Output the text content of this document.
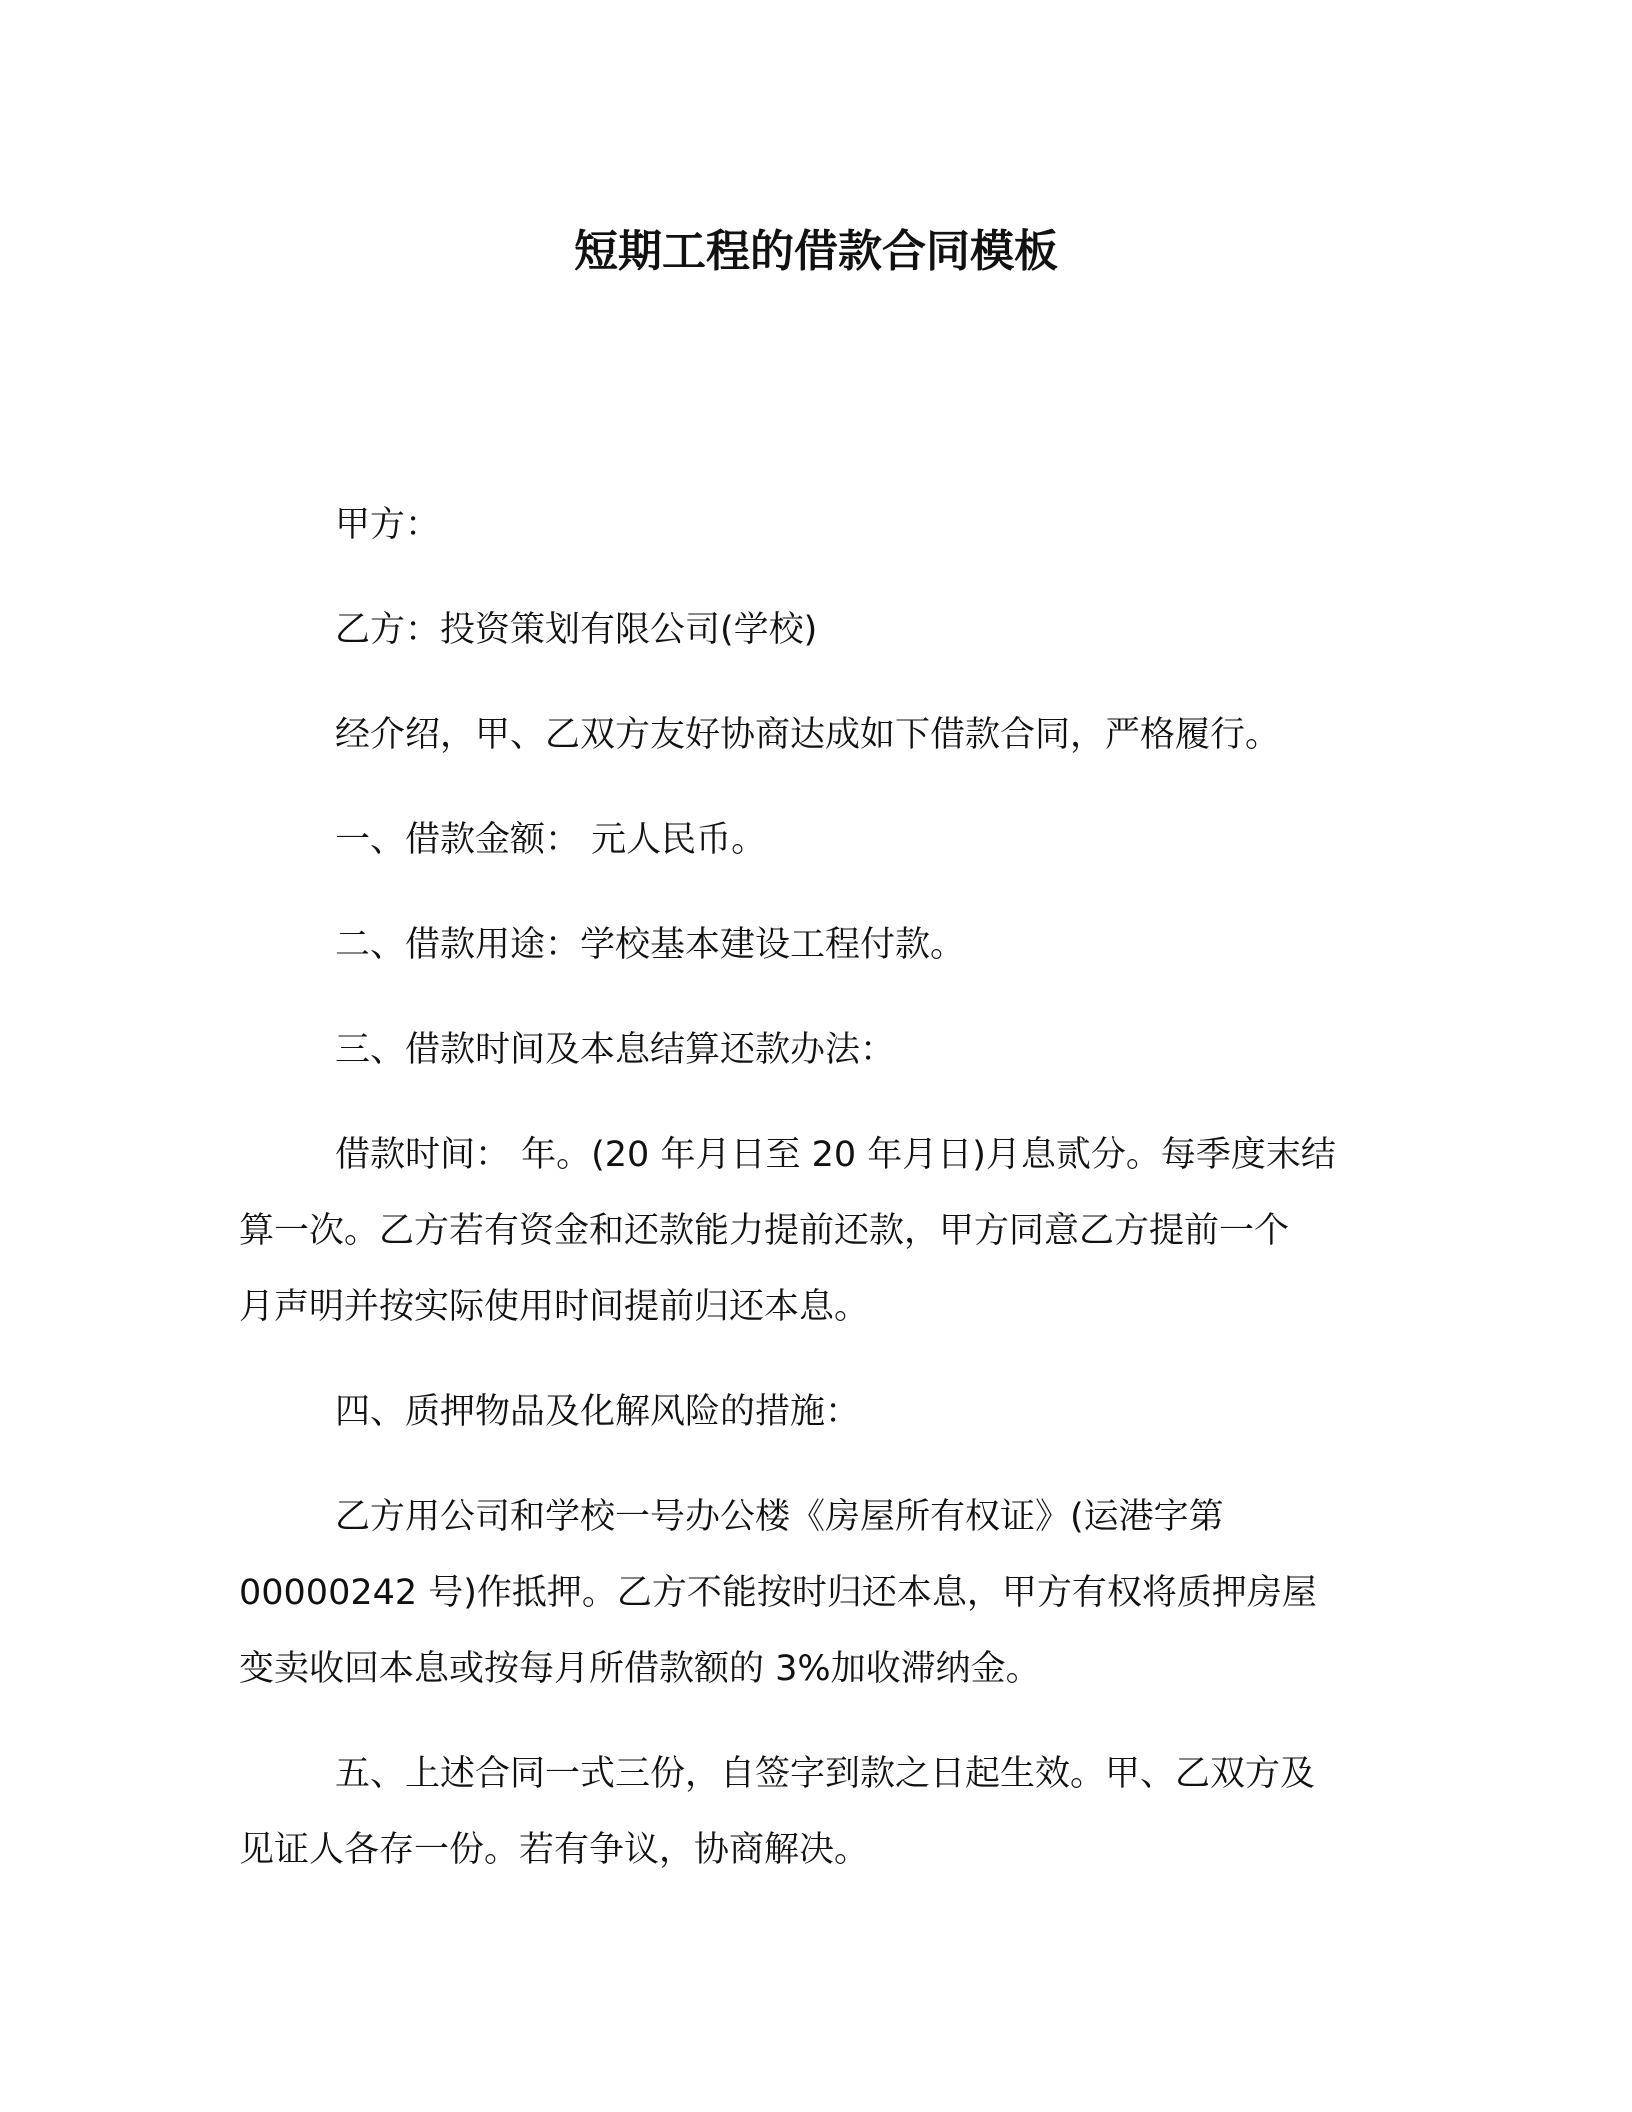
短期工程的借款合同模板

甲方：

乙方：投资策划有限公司(学校)

经介绍，甲、乙双方友好协商达成如下借款合同，严格履行。

一、借款金额： 元人民币。

二、借款用途：学校基本建设工程付款。

三、借款时间及本息结算还款办法：

借款时间： 年。(20 年月日至 20 年月日)月息贰分。每季度末结
算一次。乙方若有资金和还款能力提前还款，甲方同意乙方提前一个
月声明并按实际使用时间提前归还本息。

四、质押物品及化解风险的措施：

乙方用公司和学校一号办公楼《房屋所有权证》(运港字第
00000242 号)作抵押。乙方不能按时归还本息，甲方有权将质押房屋
变卖收回本息或按每月所借款额的 3%加收滞纳金。

五、上述合同一式三份，自签字到款之日起生效。甲、乙双方及
见证人各存一份。若有争议，协商解决。
